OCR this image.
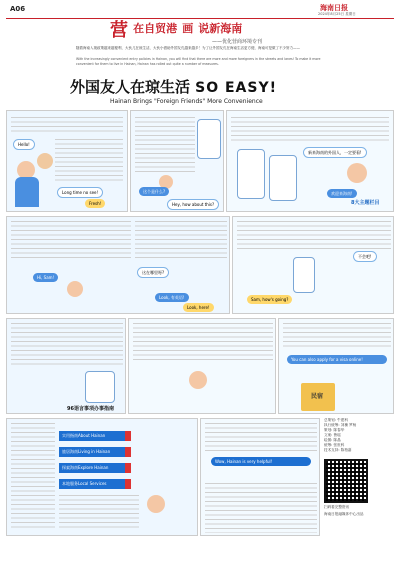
A06	海南日报
2024年8月25日 星期日
营 $^{在自贸港}$ $^画$ $^{说新海南}$
——优化营商环境专刊
随着海南入境政策越来越便利，大伙儿在琼生活，大伙小借助外国友孔越来越多！为了让外国友孔在海南生活更方便，海南可是做了不少努力——
With the increasingly convenient entry policies in Hainan, you will find that there are more and more foreigners in the streets and lanes! To make it more convenient for them to live in Hainan, Hainan has rolled out quite a number of measures.
外国友人在琼生活 SO EASY!
Hainan Brings "Foreign Friends" More Convenience
Hello!
Long time no see!
Fresh!
这个是什么?
Hey, how about this?
新来海南的外国人，一定要看!
欢迎来海南!
8大主题栏目
Hi, Sam!
这在哪里呀?
Look, 有英语!
Look, here!
不会吧!
Sam, how's going?
96语言事项办事指南
You can also apply for a visa online!
民宿
实用指南About Hainan
旅居海南Living in Hainan
探索海南Explore Hainan
本地服务Local Services
Wow, Hainan is very helpful!
总策划: 牛建科
执行统筹: 刘操 罗杨
策划: 陈春华
文案: 鲁瑶
绘图: 陈晶
统筹: 张世科
技术支持: 陈柏嘉
扫码看完整资讯
海南日报融媒体中心出品
